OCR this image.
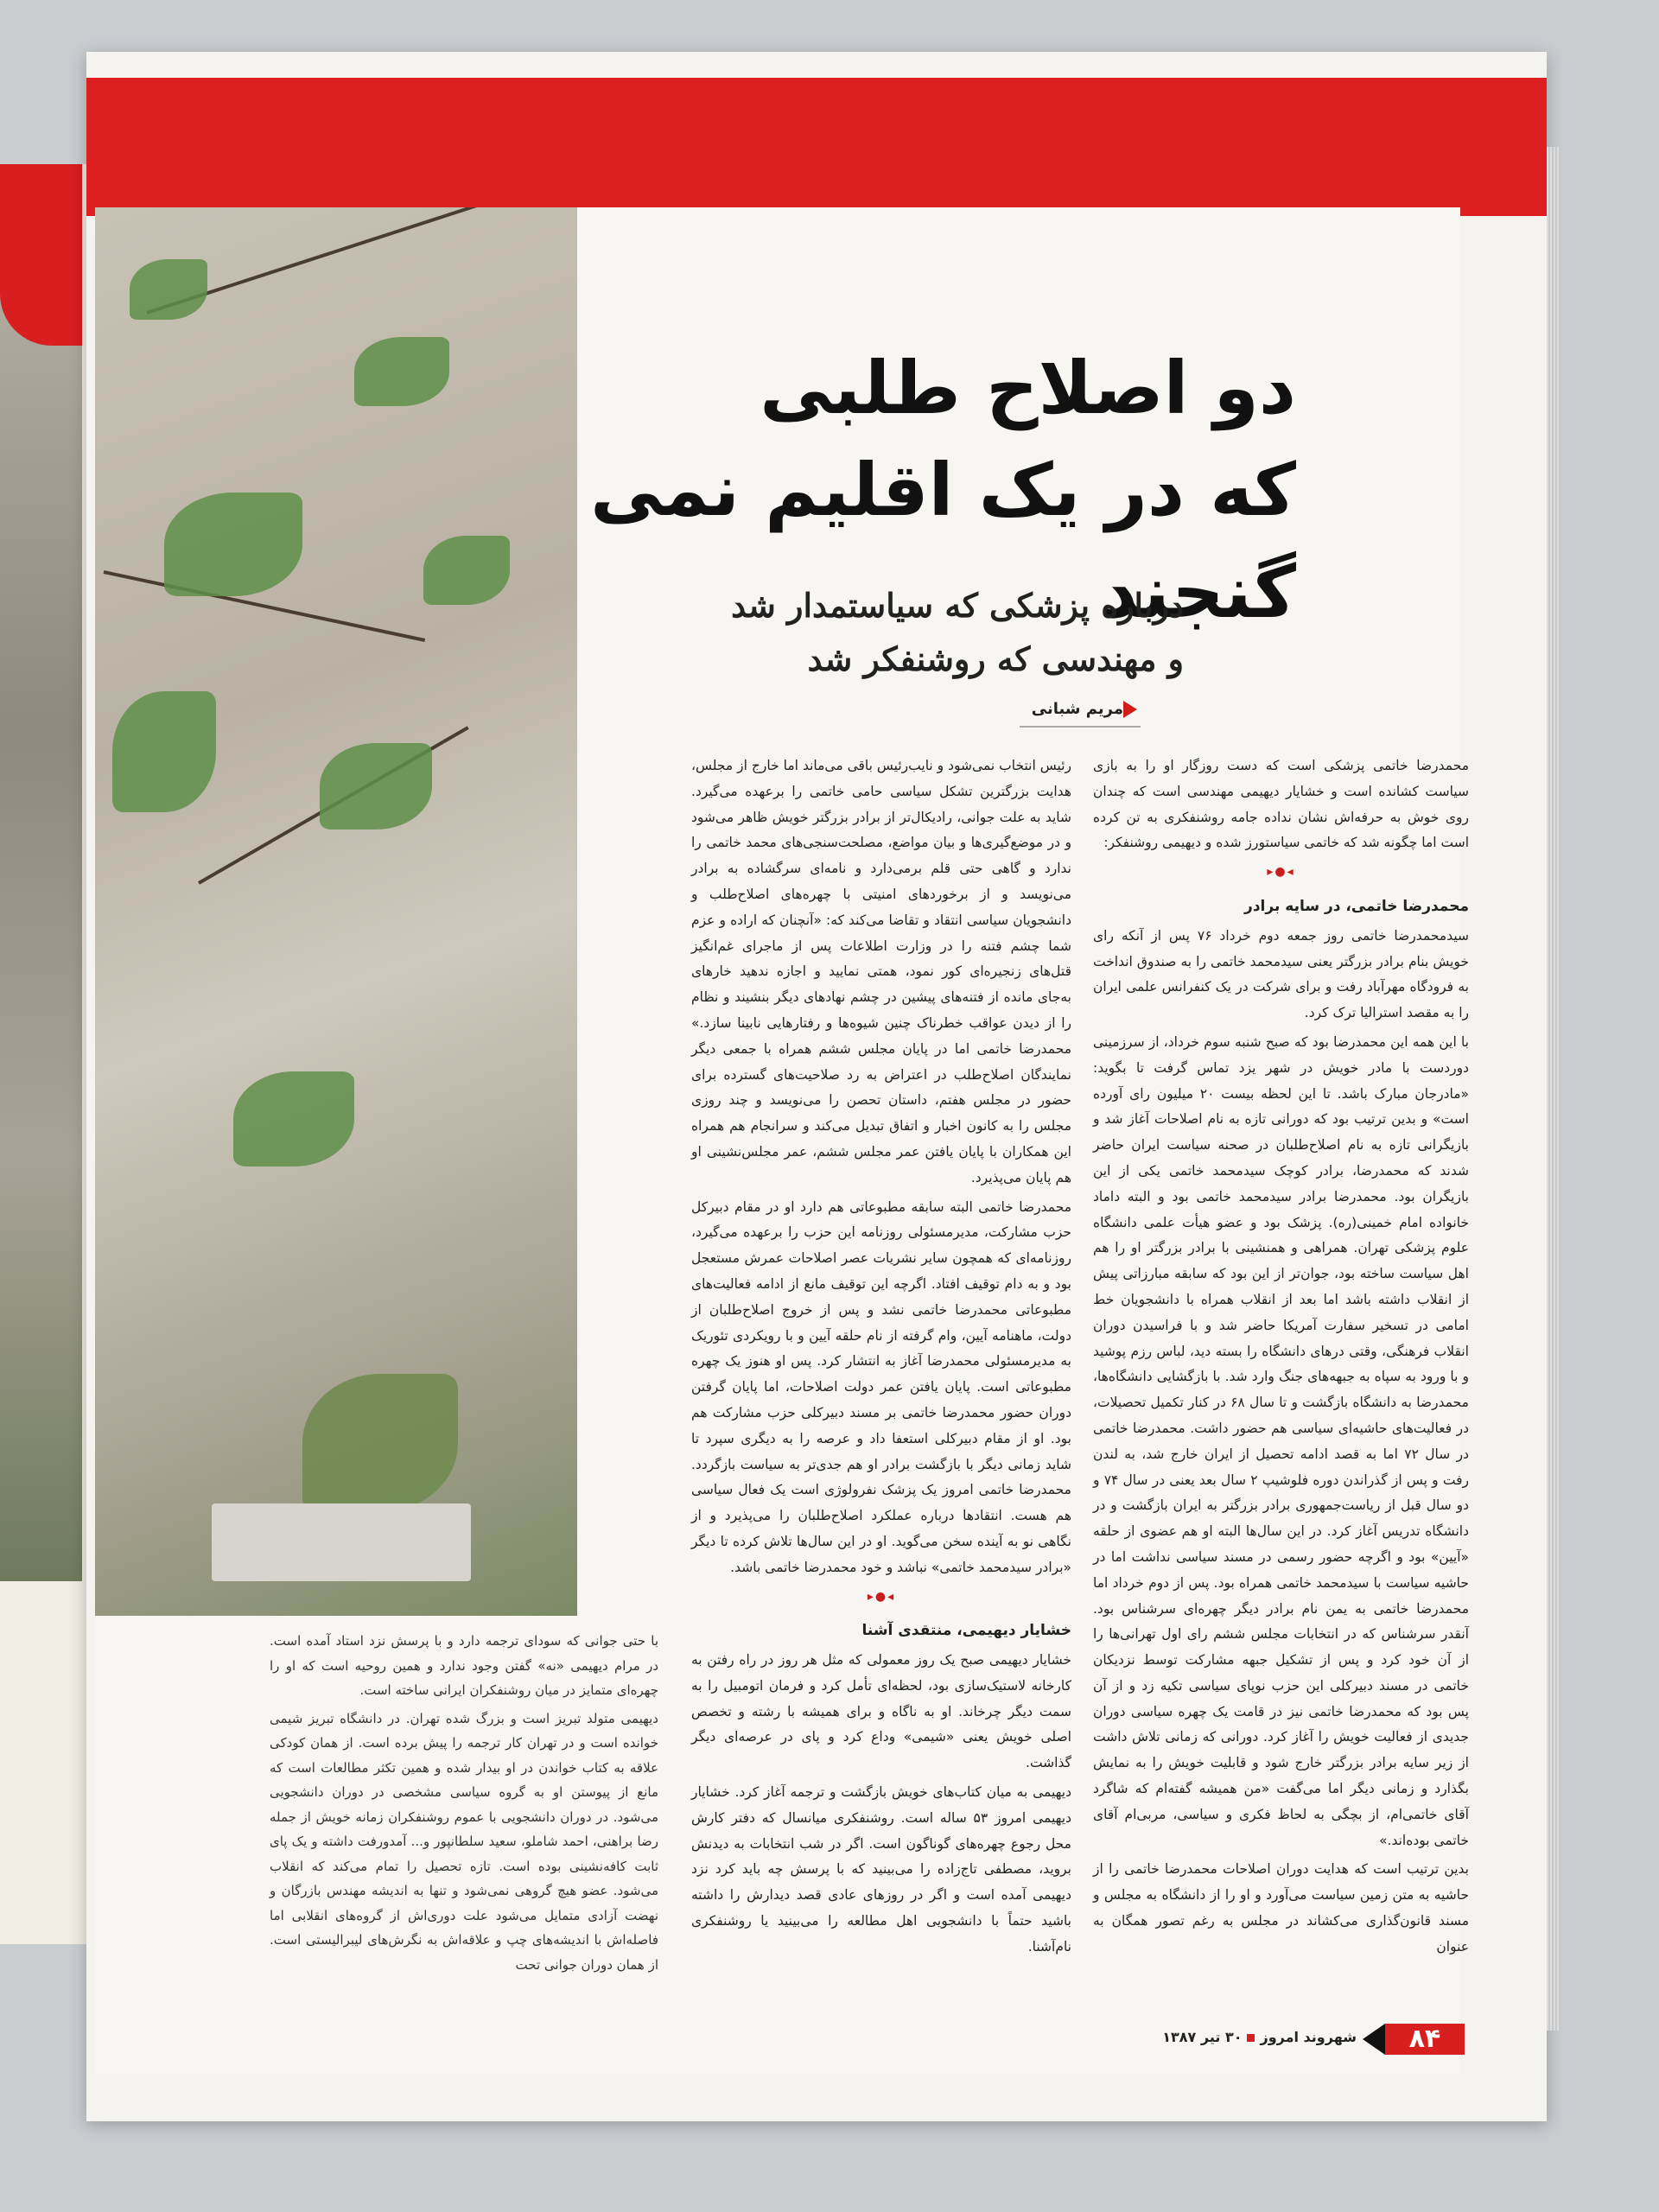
دو اصلاح طلبی
که در یک اقلیم نمی گنجند
درباره پزشکی که سیاستمدار شد
و مهندسی که روشنفکر شد
مریم شبانی

محمدرضا خاتمی پزشکی است که دست روزگار او را به بازی سیاست کشانده است و خشایار دیهیمی مهندسی است که چندان روی خوش به حرفه‌اش نشان نداده جامه روشنفکری به تن کرده است اما چگونه شد که خاتمی سیاستورز شده و دیهیمی روشنفکر:

◂●▸
محمدرضا خاتمی، در سایه برادر

سیدمحمدرضا خاتمی روز جمعه دوم خرداد ۷۶ پس از آنکه رای خویش بنام برادر بزرگتر یعنی سیدمحمد خاتمی را به صندوق انداخت به فرودگاه مهرآباد رفت و برای شرکت در یک کنفرانس علمی ایران را به مقصد استرالیا ترک کرد.

با این همه این محمدرضا بود که صبح شنبه سوم خرداد، از سرزمینی دوردست با مادر خویش در شهر یزد تماس گرفت تا بگوید: «مادرجان مبارک باشد. تا این لحظه بیست ۲۰ میلیون رای آورده است» و بدین ترتیب بود که دورانی تازه به نام اصلاحات آغاز شد و بازیگرانی تازه به نام اصلاح‌طلبان در صحنه سیاست ایران حاضر شدند که محمدرضا، برادر کوچک سیدمحمد خاتمی یکی از این بازیگران بود. محمدرضا برادر سیدمحمد خاتمی بود و البته داماد خانواده امام خمینی(ره). پزشک بود و عضو هیأت علمی دانشگاه علوم پزشکی تهران. همراهی و همنشینی با برادر بزرگتر او را هم اهل سیاست ساخته بود، جوان‌تر از این بود که سابقه مبارزاتی پیش از انقلاب داشته باشد اما بعد از انقلاب همراه با دانشجویان خط امامی در تسخیر سفارت آمریکا حاضر شد و با فراسیدن دوران انقلاب فرهنگی، وقتی درهای دانشگاه را بسته دید، لباس رزم پوشید و با ورود به سپاه به جبهه‌های جنگ وارد شد. با بازگشایی دانشگاه‌ها، محمدرضا به دانشگاه بازگشت و تا سال ۶۸ در کنار تکمیل تحصیلات، در فعالیت‌های حاشیه‌ای سیاسی هم حضور داشت. محمدرضا خاتمی در سال ۷۲ اما به قصد ادامه تحصیل از ایران خارج شد، به لندن رفت و پس از گذراندن دوره فلوشیپ ۲ سال بعد یعنی در سال ۷۴ و دو سال قبل از ریاست‌جمهوری برادر بزرگتر به ایران بازگشت و در دانشگاه تدریس آغاز کرد. در این سال‌ها البته او هم عضوی از حلقه «آیین» بود و اگرچه حضور رسمی در مسند سیاسی نداشت اما در حاشیه سیاست با سیدمحمد خاتمی همراه بود. پس از دوم خرداد اما محمدرضا خاتمی به یمن نام برادر دیگر چهره‌ای سرشناس بود. آنقدر سرشناس که در انتخابات مجلس ششم رای اول تهرانی‌ها را از آن خود کرد و پس از تشکیل جبهه مشارکت توسط نزدیکان خاتمی در مسند دبیرکلی این حزب نوپای سیاسی تکیه زد و از آن پس بود که محمدرضا خاتمی نیز در قامت یک چهره سیاسی دوران جدیدی از فعالیت خویش را آغاز کرد. دورانی که زمانی تلاش داشت از زیر سایه برادر بزرگتر خارج شود و قابلیت خویش را به نمایش بگذارد و زمانی دیگر اما می‌گفت «من همیشه گفته‌ام که شاگرد آقای خاتمی‌ام، از بچگی به لحاظ فکری و سیاسی، مربی‌ام آقای خاتمی بوده‌اند.»

بدین ترتیب است که هدایت دوران اصلاحات محمدرضا خاتمی را از حاشیه به متن زمین سیاست می‌آورد و او را از دانشگاه به مجلس و مسند قانون‌گذاری می‌کشاند در مجلس به رغم تصور همگان به عنوان

رئیس انتخاب نمی‌شود و نایب‌رئیس باقی می‌ماند اما خارج از مجلس، هدایت بزرگترین تشکل سیاسی حامی خاتمی را برعهده می‌گیرد. شاید به علت جوانی، رادیکال‌تر از برادر بزرگتر خویش ظاهر می‌شود و در موضع‌گیری‌ها و بیان مواضع، مصلحت‌سنجی‌های محمد خاتمی را ندارد و گاهی حتی قلم برمی‌دارد و نامه‌ای سرگشاده به برادر می‌نویسد و از برخوردهای امنیتی با چهره‌های اصلاح‌طلب و دانشجویان سیاسی انتقاد و تقاضا می‌کند که: «آنچنان که اراده و عزم شما چشم فتنه را در وزارت اطلاعات پس از ماجرای غم‌انگیز قتل‌های زنجیره‌ای کور نمود، همتی نمایید و اجازه ندهید خارهای به‌جای مانده از فتنه‌های پیشین در چشم نهادهای دیگر بنشیند و نظام را از دیدن عواقب خطرناک چنین شیوه‌ها و رفتارهایی نابینا سازد.» محمدرضا خاتمی اما در پایان مجلس ششم همراه با جمعی دیگر نمایندگان اصلاح‌طلب در اعتراض به رد صلاحیت‌های گسترده برای حضور در مجلس هفتم، داستان تحصن را می‌نویسد و چند روزی مجلس را به کانون اخبار و اتفاق تبدیل می‌کند و سرانجام هم همراه این همکاران با پایان یافتن عمر مجلس ششم، عمر مجلس‌نشینی او هم پایان می‌پذیرد.

محمدرضا خاتمی البته سابقه مطبوعاتی هم دارد او در مقام دبیرکل حزب مشارکت، مدیرمسئولی روزنامه این حزب را برعهده می‌گیرد، روزنامه‌ای که همچون سایر نشریات عصر اصلاحات عمرش مستعجل بود و به دام توقیف افتاد. اگرچه این توقیف مانع از ادامه فعالیت‌های مطبوعاتی محمدرضا خاتمی نشد و پس از خروج اصلاح‌طلبان از دولت، ماهنامه آیین، وام گرفته از نام حلقه آیین و با رویکردی تئوریک به مدیرمسئولی محمدرضا آغاز به انتشار کرد. پس او هنوز یک چهره مطبوعاتی است. پایان یافتن عمر دولت اصلاحات، اما پایان گرفتن دوران حضور محمدرضا خاتمی بر مسند دبیرکلی حزب مشارکت هم بود. او از مقام دبیرکلی استعفا داد و عرصه را به دیگری سپرد تا شاید زمانی دیگر با بازگشت برادر او هم جدی‌تر به سیاست بازگردد. محمدرضا خاتمی امروز یک پزشک نفرولوژی است یک فعال سیاسی هم هست. انتقادها درباره عملکرد اصلاح‌طلبان را می‌پذیرد و از نگاهی نو به آینده سخن می‌گوید. او در این سال‌ها تلاش کرده تا دیگر «برادر سیدمحمد خاتمی» نباشد و خود محمدرضا خاتمی باشد.

◂●▸
خشایار دیهیمی، منتقدی آشنا

خشایار دیهیمی صبح یک روز معمولی که مثل هر روز در راه رفتن به کارخانه لاستیک‌سازی بود، لحظه‌ای تأمل کرد و فرمان اتومبیل را به سمت دیگر چرخاند. او به ناگاه و برای همیشه با رشته و تخصص اصلی خویش یعنی «شیمی» وداع کرد و پای در عرصه‌ای دیگر گذاشت.

دیهیمی به میان کتاب‌های خویش بازگشت و ترجمه آغاز کرد. خشایار دیهیمی امروز ۵۳ ساله است. روشنفکری میانسال که دفتر کارش محل رجوع چهره‌های گوناگون است. اگر در شب انتخابات به دیدنش بروید، مصطفی تاج‌زاده را می‌بینید که با پرسش چه باید کرد نزد دیهیمی آمده است و اگر در روزهای عادی قصد دیدارش را داشته باشید حتماً با دانشجویی اهل مطالعه را می‌بینید یا روشنفکری نام‌آشنا.

با حتی جوانی که سودای ترجمه دارد و با پرسش نزد استاد آمده است. در مرام دیهیمی «نه» گفتن وجود ندارد و همین روحیه است که او را چهره‌ای متمایز در میان روشنفکران ایرانی ساخته است.

دیهیمی متولد تبریز است و بزرگ شده تهران. در دانشگاه تبریز شیمی خوانده است و در تهران کار ترجمه را پیش برده است. از همان کودکی علاقه به کتاب خواندن در او بیدار شده و همین تکثر مطالعات است که مانع از پیوستن او به گروه سیاسی مشخصی در دوران دانشجویی می‌شود. در دوران دانشجویی با عموم روشنفکران زمانه خویش از جمله رضا براهنی، احمد شاملو، سعید سلطانپور و... آمدورفت داشته و یک پای ثابت کافه‌نشینی بوده است. تازه تحصیل را تمام می‌کند که انقلاب می‌شود. عضو هیچ گروهی نمی‌شود و تنها به اندیشه مهندس بازرگان و نهضت آزادی متمایل می‌شود علت دوری‌اش از گروه‌های انقلابی اما فاصله‌اش با اندیشه‌های چپ و علاقه‌اش به نگرش‌های لیبرالیستی است. از همان دوران جوانی تحت

۸۴
شهروند امروز۳۰ تیر ۱۳۸۷
